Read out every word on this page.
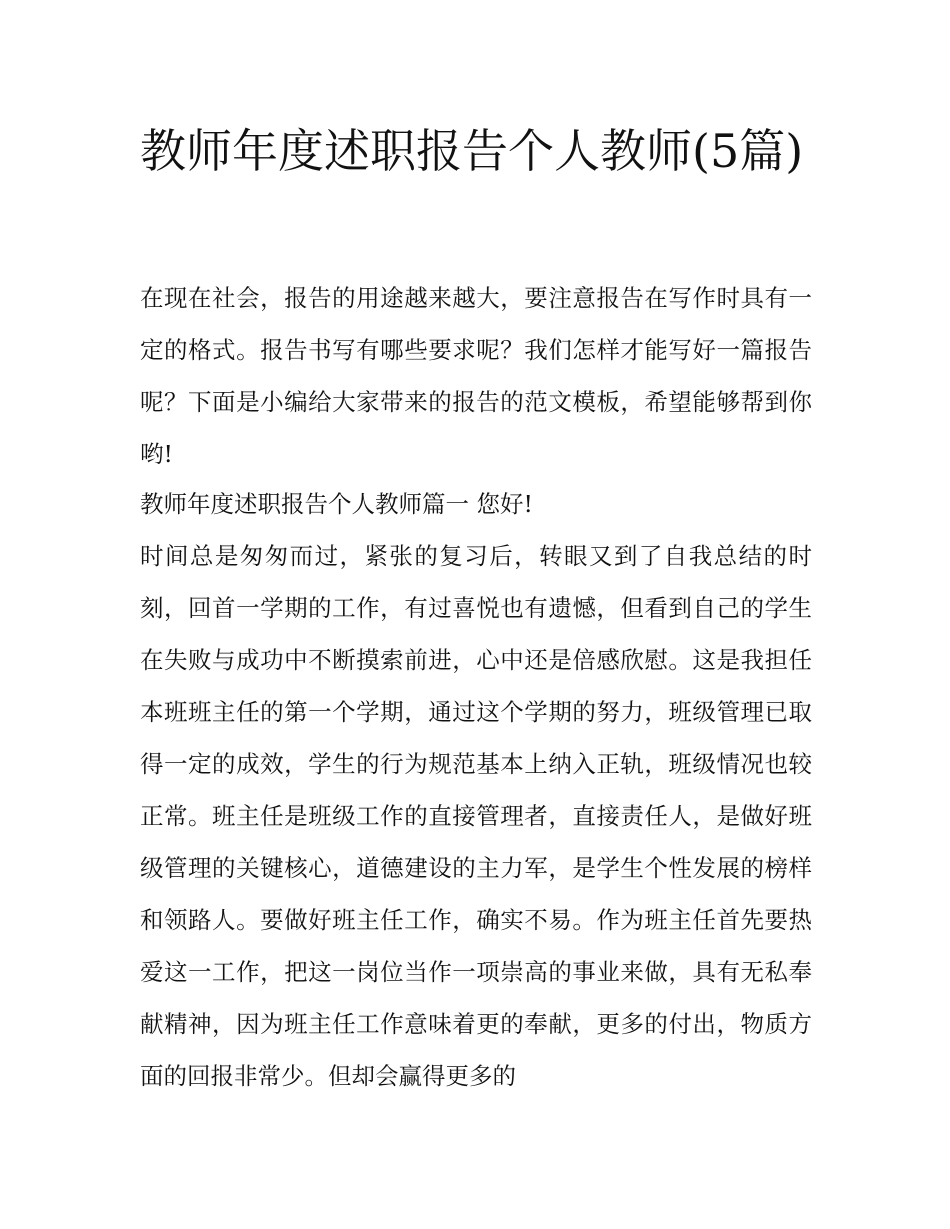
教师年度述职报告个人教师(5篇)

在现在社会，报告的用途越来越大，要注意报告在写作时具有一定的格式。报告书写有哪些要求呢？我们怎样才能写好一篇报告呢？下面是小编给大家带来的报告的范文模板，希望能够帮到你哟!

教师年度述职报告个人教师篇一 您好!

时间总是匆匆而过，紧张的复习后，转眼又到了自我总结的时刻，回首一学期的工作，有过喜悦也有遗憾，但看到自己的学生在失败与成功中不断摸索前进，心中还是倍感欣慰。这是我担任本班班主任的第一个学期，通过这个学期的努力，班级管理已取得一定的成效，学生的行为规范基本上纳入正轨，班级情况也较正常。班主任是班级工作的直接管理者，直接责任人，是做好班级管理的关键核心，道德建设的主力军，是学生个性发展的榜样和领路人。要做好班主任工作，确实不易。作为班主任首先要热爱这一工作，把这一岗位当作一项崇高的事业来做，具有无私奉献精神，因为班主任工作意味着更的奉献，更多的付出，物质方面的回报非常少。但却会赢得更多的
